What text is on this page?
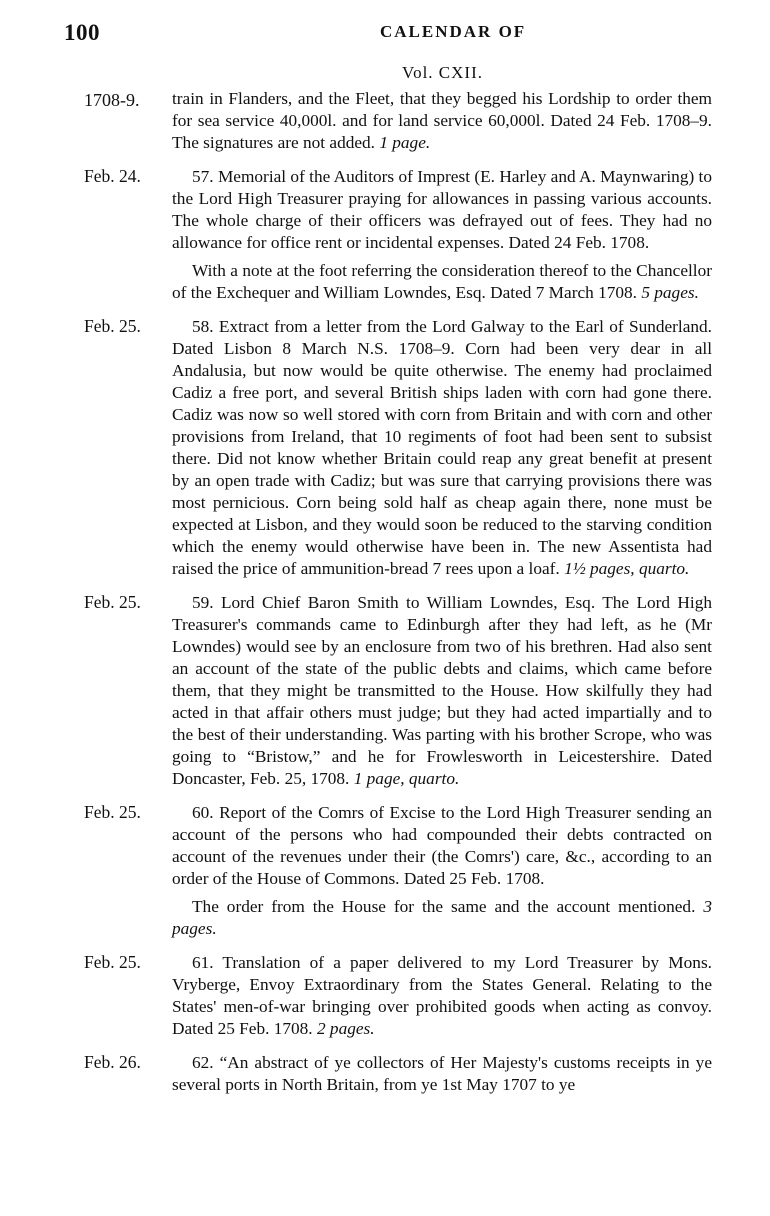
100	CALENDAR OF
Vol. CXII.
1708-9. train in Flanders, and the Fleet, that they begged his Lordship to order them for sea service 40,000l. and for land service 60,000l. Dated 24 Feb. 1708–9. The signatures are not added. 1 page.

Feb. 24.	57. Memorial of the Auditors of Imprest (E. Harley and A. Maynwaring) to the Lord High Treasurer praying for allowances in passing various accounts. The whole charge of their officers was defrayed out of fees. They had no allowance for office rent or incidental expenses. Dated 24 Feb. 1708.

With a note at the foot referring the consideration thereof to the Chancellor of the Exchequer and William Lowndes, Esq. Dated 7 March 1708. 5 pages.

Feb. 25.	58. Extract from a letter from the Lord Galway to the Earl of Sunderland. Dated Lisbon 8 March N.S. 1708–9. Corn had been very dear in all Andalusia, but now would be quite otherwise. The enemy had proclaimed Cadiz a free port, and several British ships laden with corn had gone there. Cadiz was now so well stored with corn from Britain and with corn and other provisions from Ireland, that 10 regiments of foot had been sent to subsist there. Did not know whether Britain could reap any great benefit at present by an open trade with Cadiz; but was sure that carrying provisions there was most pernicious. Corn being sold half as cheap again there, none must be expected at Lisbon, and they would soon be reduced to the starving condition which the enemy would otherwise have been in. The new Assentista had raised the price of ammunition-bread 7 rees upon a loaf. 1½ pages, quarto.

Feb. 25.	59. Lord Chief Baron Smith to William Lowndes, Esq. The Lord High Treasurer's commands came to Edinburgh after they had left, as he (Mr Lowndes) would see by an enclosure from two of his brethren. Had also sent an account of the state of the public debts and claims, which came before them, that they might be transmitted to the House. How skilfully they had acted in that affair others must judge; but they had acted impartially and to the best of their understanding. Was parting with his brother Scrope, who was going to “Bristow,” and he for Frowlesworth in Leicestershire. Dated Doncaster, Feb. 25, 1708. 1 page, quarto.

Feb. 25.	60. Report of the Comrs of Excise to the Lord High Treasurer sending an account of the persons who had compounded their debts contracted on account of the revenues under their (the Comrs') care, &c., according to an order of the House of Commons. Dated 25 Feb. 1708.

The order from the House for the same and the account mentioned. 3 pages.

Feb. 25.	61. Translation of a paper delivered to my Lord Treasurer by Mons. Vryberge, Envoy Extraordinary from the States General. Relating to the States' men-of-war bringing over prohibited goods when acting as convoy. Dated 25 Feb. 1708. 2 pages.

Feb. 26.	62. “An abstract of ye collectors of Her Majesty's customs receipts in ye several ports in North Britain, from ye 1st May 1707 to ye
